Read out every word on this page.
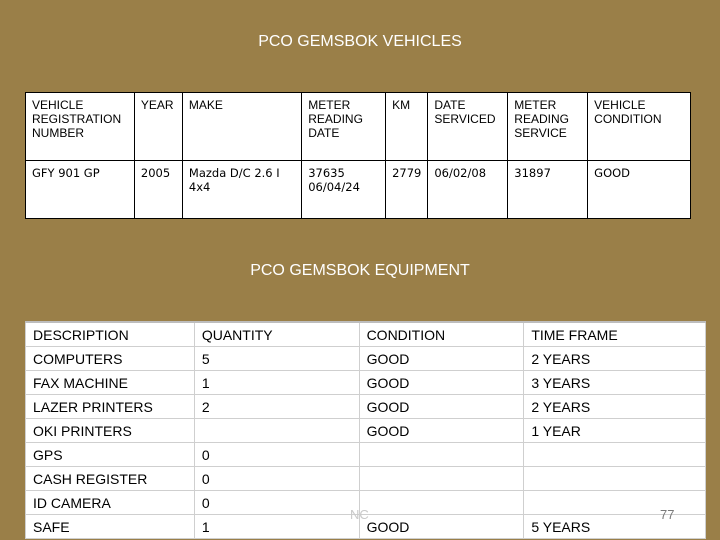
PCO GEMSBOK VEHICLES
VEHICLE REGISTRATION NUMBER	YEAR	MAKE	METER READING DATE	KM	DATE SERVICED	METER READING SERVICE	VEHICLE CONDITION
GFY 901 GP	2005	Mazda D/C 2.6 I 4x4	37635 06/04/24	2779	06/02/08	31897	GOOD
PCO GEMSBOK EQUIPMENT
DESCRIPTION	QUANTITY	CONDITION	TIME FRAME
COMPUTERS	5	GOOD	2 YEARS
FAX MACHINE	1	GOOD	3 YEARS
LAZER PRINTERS	2	GOOD	2 YEARS
OKI PRINTERS		GOOD	1 YEAR
GPS	0		
CASH REGISTER	0		
ID CAMERA	0		
SAFE	1	GOOD	5 YEARS
NC	77
